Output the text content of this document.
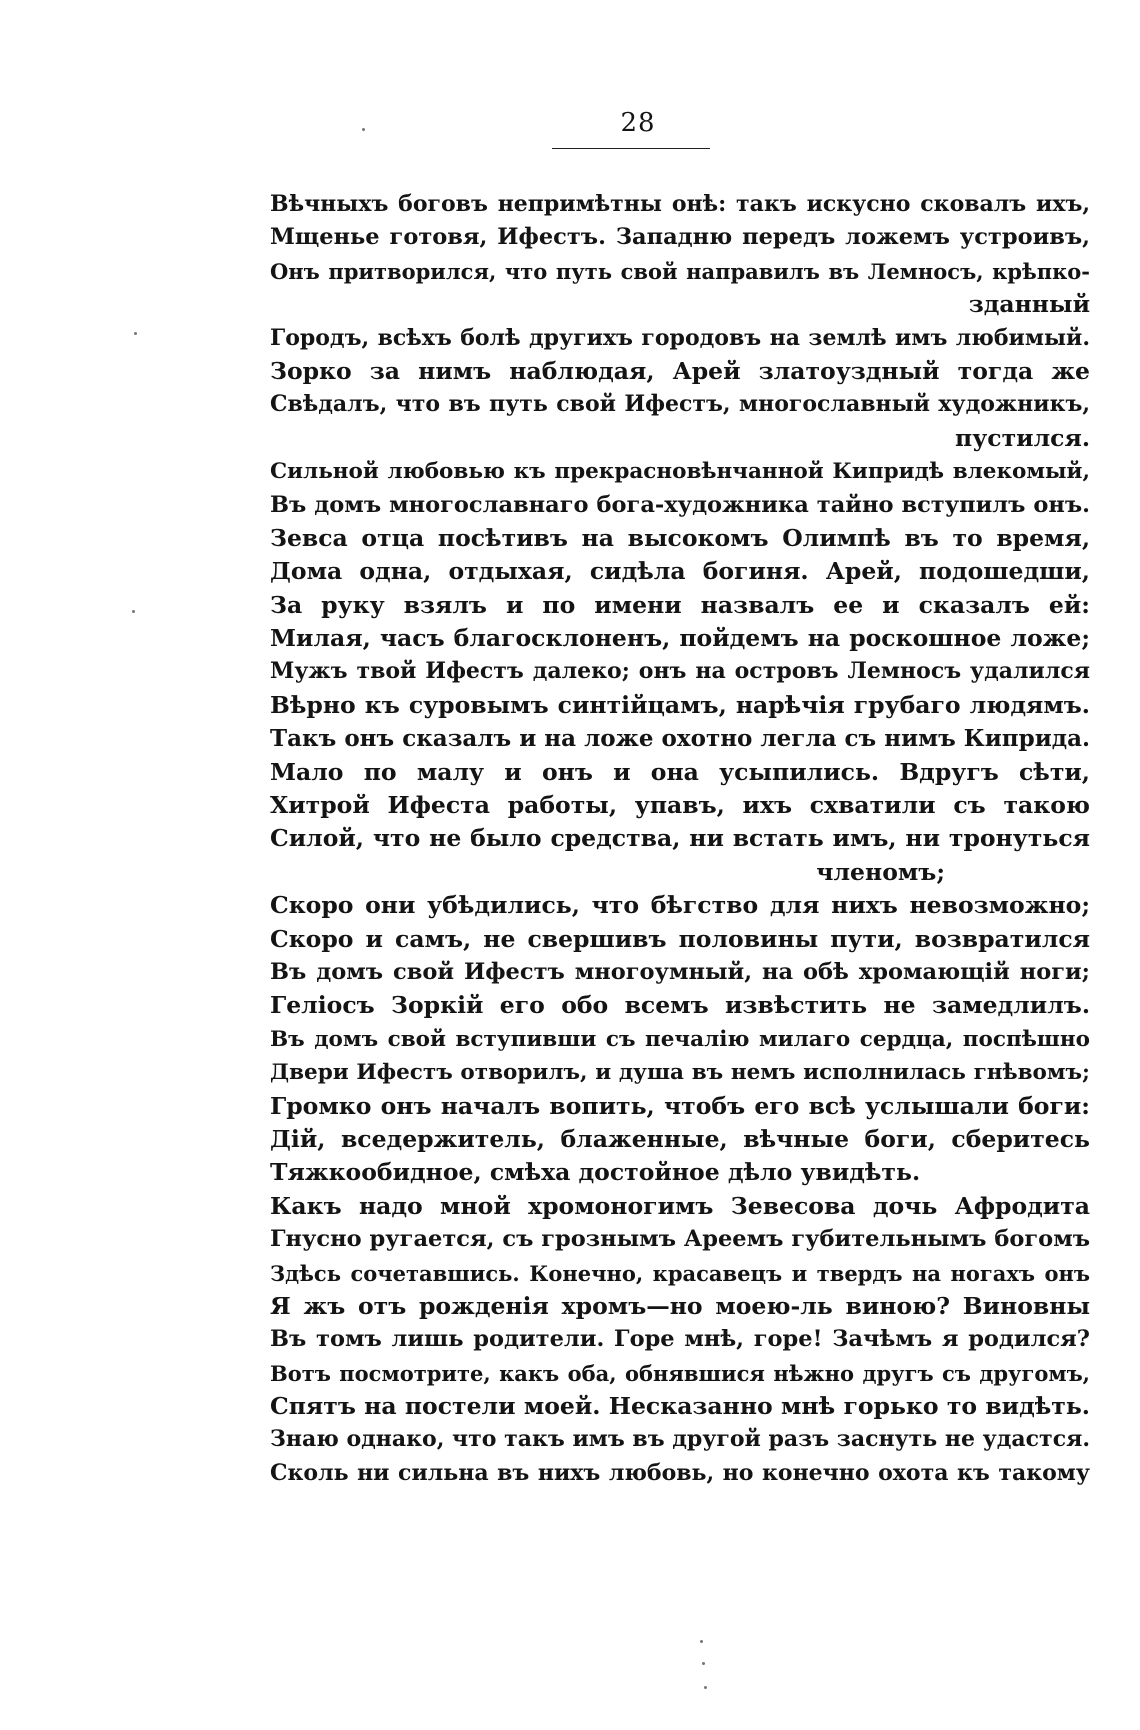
28
Вѣчныхъ боговъ непримѣтны онѣ: такъ искусно сковалъ ихъ,
Мщенье готовя, Ифестъ. Западню передъ ложемъ устроивъ,
Онъ притворился, что путь свой направилъ въ Лемносъ, крѣпко-
зданный
Городъ, всѣхъ болѣ другихъ городовъ на землѣ имъ любимый.
Зорко за нимъ наблюдая, Арей златоуздный тогда же
Свѣдалъ, что въ путь свой Ифестъ, многославный художникъ,
пустился.
Сильной любовью къ прекрасновѣнчанной Кипридѣ влекомый,
Въ домъ многославнаго бога-художника тайно вступилъ онъ.
Зевса отца посѣтивъ на высокомъ Олимпѣ въ то время,
Дома одна, отдыхая, сидѣла богиня. Арей, подошедши,
За руку взялъ и по имени назвалъ ее и сказалъ ей:
Милая, часъ благосклоненъ, пойдемъ на роскошное ложе;
Мужъ твой Ифестъ далеко; онъ на островъ Лемносъ удалился
Вѣрно къ суровымъ синтійцамъ, нарѣчія грубаго людямъ.
Такъ онъ сказалъ и на ложе охотно легла съ нимъ Киприда.
Мало по малу и онъ и она усыпились. Вдругъ сѣти,
Хитрой Ифеста работы, упавъ, ихъ схватили съ такою
Силой, что не было средства, ни встать имъ, ни тронуться
членомъ;
Скоро они убѣдились, что бѣгство для нихъ невозможно;
Скоро и самъ, не свершивъ половины пути, возвратился
Въ домъ свой Ифестъ многоумный, на обѣ хромающій ноги;
Геліосъ Зоркій его обо всемъ извѣстить не замедлилъ.
Въ домъ свой вступивши съ печалію милаго сердца, поспѣшно
Двери Ифестъ отворилъ, и душа въ немъ исполнилась гнѣвомъ;
Громко онъ началъ вопить, чтобъ его всѣ услышали боги:
Дій, вседержитель, блаженные, вѣчные боги, сберитесь
Тяжкообидное, смѣха достойное дѣло увидѣть.
Какъ надо мной хромоногимъ Зевесова дочь Афродита
Гнусно ругается, съ грознымъ Ареемъ губительнымъ богомъ
Здѣсь сочетавшись. Конечно, красавецъ и твердъ на ногахъ онъ
Я жъ отъ рожденія хромъ—но моею-ль виною? Виновны
Въ томъ лишь родители. Горе мнѣ, горе! Зачѣмъ я родился?
Вотъ посмотрите, какъ оба, обнявшися нѣжно другъ съ другомъ,
Спятъ на постели моей. Несказанно мнѣ горько то видѣть.
Знаю однако, что такъ имъ въ другой разъ заснуть не удастся.
Сколь ни сильна въ нихъ любовь, но конечно охота къ такому
